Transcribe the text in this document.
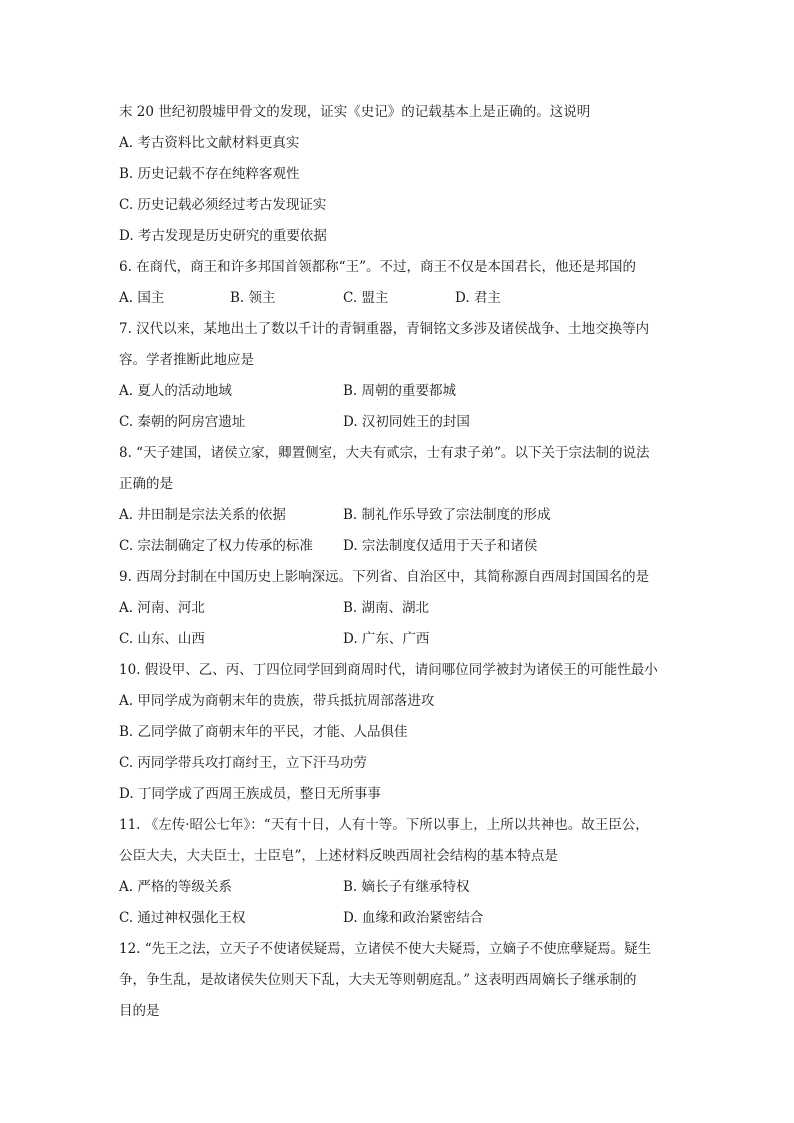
末 20 世纪初殷墟甲骨文的发现，证实《史记》的记载基本上是正确的。这说明
A. 考古资料比文献材料更真实
B. 历史记载不存在纯粹客观性
C. 历史记载必须经过考古发现证实
D. 考古发现是历史研究的重要依据
6. 在商代，商王和许多邦国首领都称“王”。不过，商王不仅是本国君长，他还是邦国的
A. 国主	B. 领主	C. 盟主	D. 君主
7. 汉代以来，某地出土了数以千计的青铜重器，青铜铭文多涉及诸侯战争、土地交换等内
容。学者推断此地应是
A. 夏人的活动地域	B. 周朝的重要都城
C. 秦朝的阿房宫遗址	D. 汉初同姓王的封国
8. “天子建国，诸侯立家，卿置侧室，大夫有贰宗，士有隶子弟”。以下关于宗法制的说法
正确的是
A. 井田制是宗法关系的依据	B. 制礼作乐导致了宗法制度的形成
C. 宗法制确定了权力传承的标准 D. 宗法制度仅适用于天子和诸侯
9. 西周分封制在中国历史上影响深远。下列省、自治区中，其简称源自西周封国国名的是
A. 河南、河北	B. 湖南、湖北
C. 山东、山西	D. 广东、广西
10. 假设甲、乙、丙、丁四位同学回到商周时代，请问哪位同学被封为诸侯王的可能性最小
A. 甲同学成为商朝末年的贵族，带兵抵抗周部落进攻
B. 乙同学做了商朝末年的平民，才能、人品俱佳
C. 丙同学带兵攻打商纣王，立下汗马功劳
D. 丁同学成了西周王族成员，整日无所事事
11. 《左传·昭公七年》：“天有十日，人有十等。下所以事上，上所以共神也。故王臣公，
公臣大夫，大夫臣士，士臣皂”，上述材料反映西周社会结构的基本特点是
A. 严格的等级关系	B. 嫡长子有继承特权
C. 通过神权强化王权	D. 血缘和政治紧密结合
12. “先王之法，立天子不使诸侯疑焉，立诸侯不使大夫疑焉，立嫡子不使庶孽疑焉。疑生
争，争生乱，是故诸侯失位则天下乱，大夫无等则朝庭乱。” 这表明西周嫡长子继承制的
目的是
